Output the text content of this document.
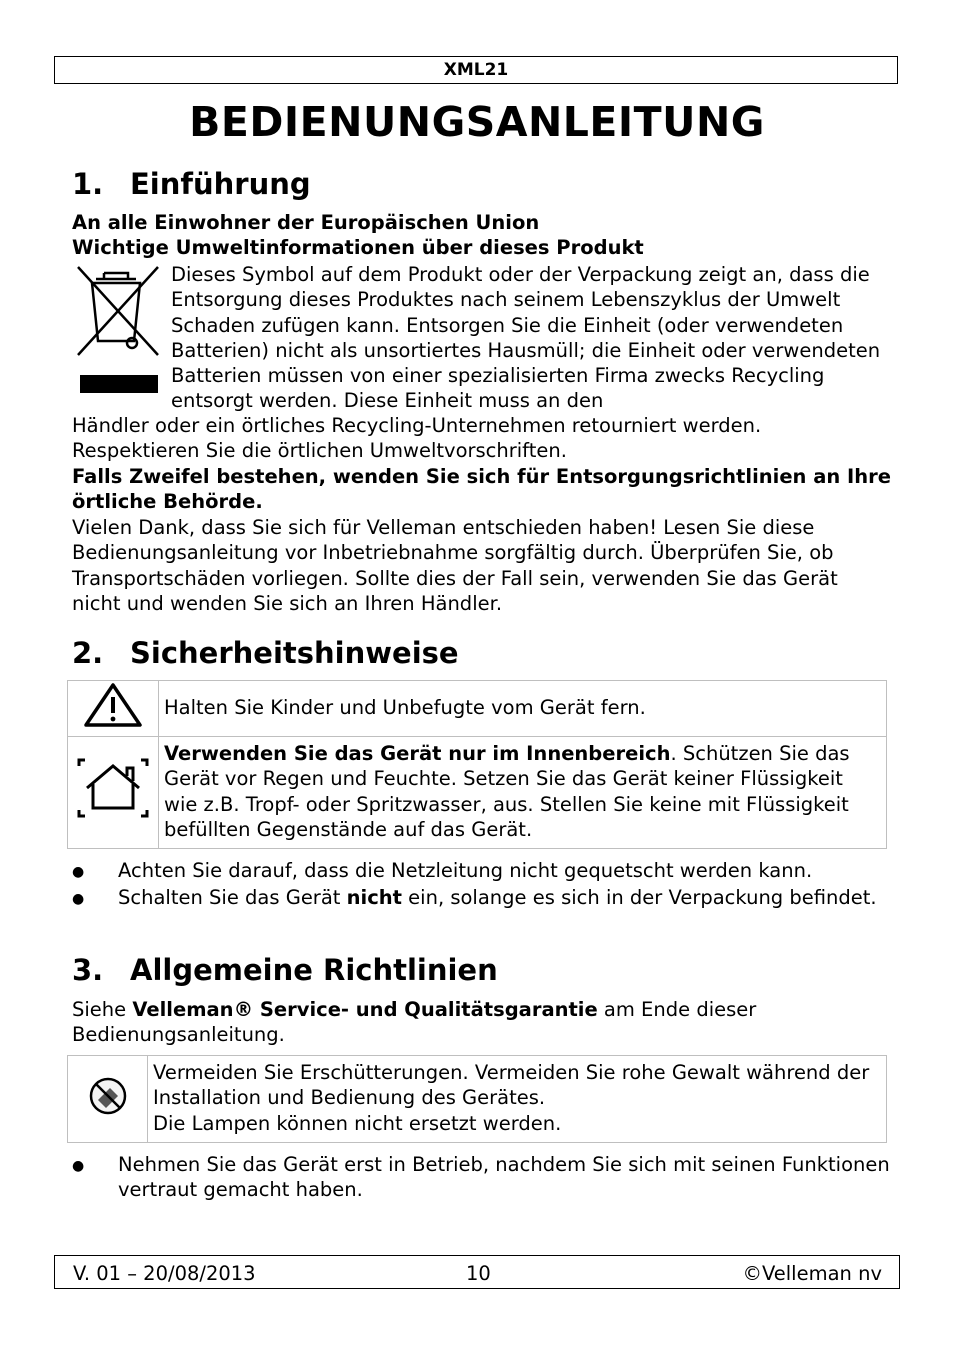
XML21
BEDIENUNGSANLEITUNG
1. Einführung
An alle Einwohner der Europäischen Union
Wichtige Umweltinformationen über dieses Produkt
Dieses Symbol auf dem Produkt oder der Verpackung zeigt an, dass die Entsorgung dieses Produktes nach seinem Lebenszyklus der Umwelt Schaden zufügen kann. Entsorgen Sie die Einheit (oder verwendeten Batterien) nicht als unsortiertes Hausmüll; die Einheit oder verwendeten Batterien müssen von einer spezialisierten Firma zwecks Recycling entsorgt werden. Diese Einheit muss an den
Händler oder ein örtliches Recycling-Unternehmen retourniert werden. Respektieren Sie die örtlichen Umweltvorschriften.
Falls Zweifel bestehen, wenden Sie sich für Entsorgungsrichtlinien an Ihre örtliche Behörde.
Vielen Dank, dass Sie sich für Velleman entschieden haben! Lesen Sie diese Bedienungsanleitung vor Inbetriebnahme sorgfältig durch. Überprüfen Sie, ob Transportschäden vorliegen. Sollte dies der Fall sein, verwenden Sie das Gerät nicht und wenden Sie sich an Ihren Händler.
2. Sicherheitshinweise
	Halten Sie Kinder und Unbefugte vom Gerät fern.
	Verwenden Sie das Gerät nur im Innenbereich. Schützen Sie das Gerät vor Regen und Feuchte. Setzen Sie das Gerät keiner Flüssigkeit wie z.B. Tropf- oder Spritzwasser, aus. Stellen Sie keine mit Flüssigkeit befüllten Gegenstände auf das Gerät.
●	Achten Sie darauf, dass die Netzleitung nicht gequetscht werden kann.
●	Schalten Sie das Gerät nicht ein, solange es sich in der Verpackung befindet.
3. Allgemeine Richtlinien
Siehe Velleman® Service- und Qualitätsgarantie am Ende dieser Bedienungsanleitung.

Vermeiden Sie Erschütterungen. Vermeiden Sie rohe Gewalt während der Installation und Bedienung des Gerätes.
Die Lampen können nicht ersetzt werden.
●	Nehmen Sie das Gerät erst in Betrieb, nachdem Sie sich mit seinen Funktionen vertraut gemacht haben.
V. 01 – 20/08/2013	10	©Velleman nv
